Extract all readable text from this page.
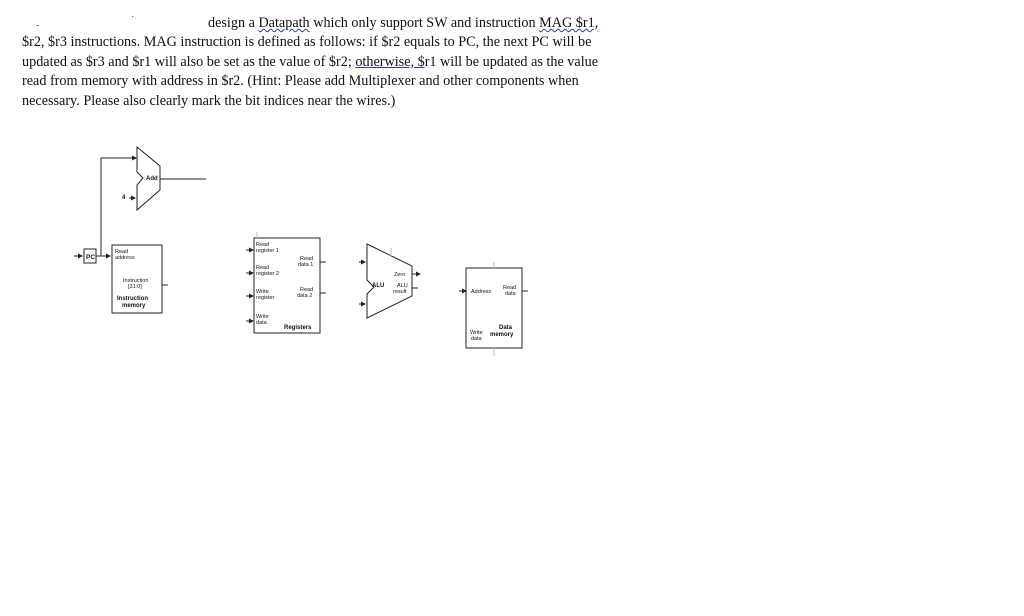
-
·	design a Datapath which only support SW and instruction MAG $r1,
$r2, $r3 instructions. MAG instruction is defined as follows: if $r2 equals to PC, the next PC will be
updated as $r3 and $r1 will also be set as the value of $r2; otherwise, $r1 will be updated as the value
read from memory with address in $r2. (Hint: Please add Multiplexer and other components when
necessary. Please also clearly mark the bit indices near the wires.)
PC
Add
4
Read
address
Instruction
[31:0]
Instruction
memory
Read
register 1
Read
register 2
Write
register
Write
data
Read
data 1
Read
data 2
Registers
Zero
ALU ALU
result	Address
Read
data
Write
data
Data
memory
